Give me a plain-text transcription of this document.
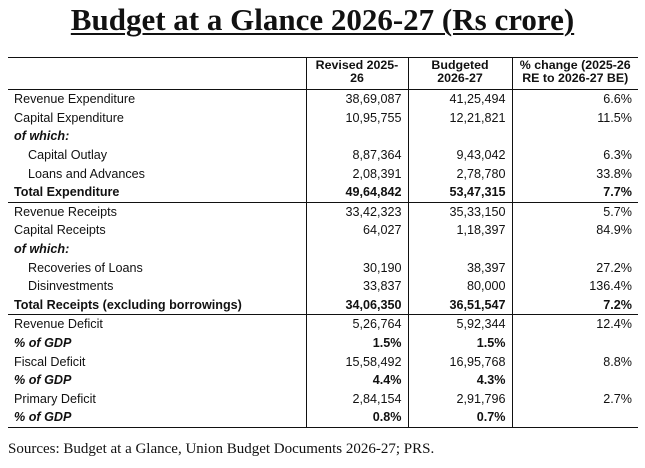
Budget at a Glance 2026-27 (Rs crore)
	Revised 2025-26	Budgeted 2026-27	% change (2025-26 RE to 2026-27 BE)
Revenue Expenditure	38,69,087	41,25,494	6.6%
Capital Expenditure	10,95,755	12,21,821	11.5%
of which:			
Capital Outlay	8,87,364	9,43,042	6.3%
Loans and Advances	2,08,391	2,78,780	33.8%
Total Expenditure	49,64,842	53,47,315	7.7%
Revenue Receipts	33,42,323	35,33,150	5.7%
Capital Receipts	64,027	1,18,397	84.9%
of which:			
Recoveries of Loans	30,190	38,397	27.2%
Disinvestments	33,837	80,000	136.4%
Total Receipts (excluding borrowings)	34,06,350	36,51,547	7.2%
Revenue Deficit	5,26,764	5,92,344	12.4%
% of GDP	1.5%	1.5%	
Fiscal Deficit	15,58,492	16,95,768	8.8%
% of GDP	4.4%	4.3%	
Primary Deficit	2,84,154	2,91,796	2.7%
% of GDP	0.8%	0.7%	
Sources: Budget at a Glance, Union Budget Documents 2026-27; PRS.
